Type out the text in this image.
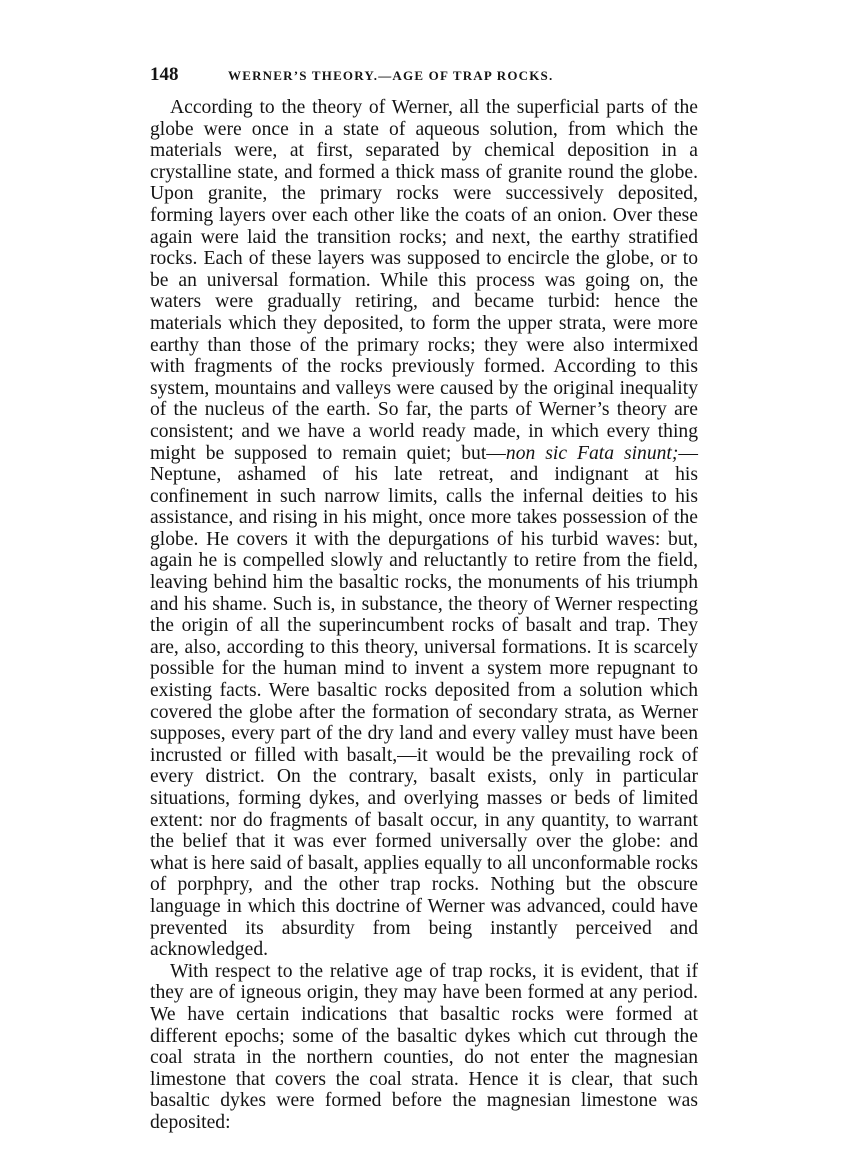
148	WERNER’S THEORY.—AGE OF TRAP ROCKS.

According to the theory of Werner, all the superficial parts of the globe were once in a state of aqueous solution, from which the materials were, at first, separated by chemical deposition in a crystalline state, and formed a thick mass of granite round the globe. Upon granite, the primary rocks were successively deposited, forming layers over each other like the coats of an onion. Over these again were laid the transition rocks; and next, the earthy stratified rocks. Each of these layers was supposed to encircle the globe, or to be an universal formation. While this process was going on, the waters were gradually retiring, and became turbid: hence the materials which they deposited, to form the upper strata, were more earthy than those of the primary rocks; they were also intermixed with fragments of the rocks previously formed. According to this system, mountains and valleys were caused by the original inequality of the nucleus of the earth. So far, the parts of Werner’s theory are consistent; and we have a world ready made, in which every thing might be supposed to remain quiet; but—non sic Fata sinunt;— Neptune, ashamed of his late retreat, and indignant at his confinement in such narrow limits, calls the infernal deities to his assistance, and rising in his might, once more takes possession of the globe. He covers it with the depurgations of his turbid waves: but, again he is compelled slowly and reluctantly to retire from the field, leaving behind him the basaltic rocks, the monuments of his triumph and his shame. Such is, in substance, the theory of Werner respecting the origin of all the superincumbent rocks of basalt and trap. They are, also, according to this theory, universal formations. It is scarcely possible for the human mind to invent a system more repugnant to existing facts. Were basaltic rocks deposited from a solution which covered the globe after the formation of secondary strata, as Werner supposes, every part of the dry land and every valley must have been incrusted or filled with basalt,—it would be the prevailing rock of every district. On the contrary, basalt exists, only in particular situations, forming dykes, and overlying masses or beds of limited extent: nor do fragments of basalt occur, in any quantity, to warrant the belief that it was ever formed universally over the globe: and what is here said of basalt, applies equally to all unconformable rocks of porphpry, and the other trap rocks. Nothing but the obscure language in which this doctrine of Werner was advanced, could have prevented its absurdity from being instantly perceived and acknowledged.

With respect to the relative age of trap rocks, it is evident, that if they are of igneous origin, they may have been formed at any period. We have certain indications that basaltic rocks were formed at different epochs; some of the basaltic dykes which cut through the coal strata in the northern counties, do not enter the magnesian limestone that covers the coal strata. Hence it is clear, that such basaltic dykes were formed before the magnesian limestone was deposited:
